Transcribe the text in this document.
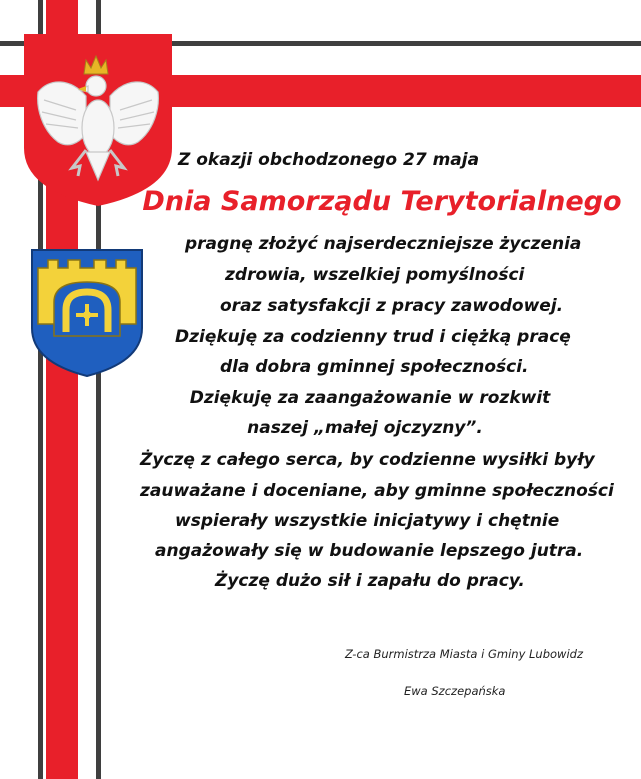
Z okazji obchodzonego 27 maja
Dnia Samorządu Terytorialnego
pragnę złożyć najserdeczniejsze życzenia
zdrowia, wszelkiej pomyślności
oraz satysfakcji z pracy zawodowej.
Dziękuję za codzienny trud i ciężką pracę
dla dobra gminnej społeczności.
Dziękuję za zaangażowanie w rozkwit
naszej „małej ojczyzny”.
Życzę z całego serca, by codzienne wysiłki były
zauważane i doceniane, aby gminne społeczności
wspierały wszystkie inicjatywy i chętnie
angażowały się w budowanie lepszego jutra.
Życzę dużo sił i zapału do pracy.
Z-ca Burmistrza Miasta i Gminy Lubowidz
Ewa Szczepańska
